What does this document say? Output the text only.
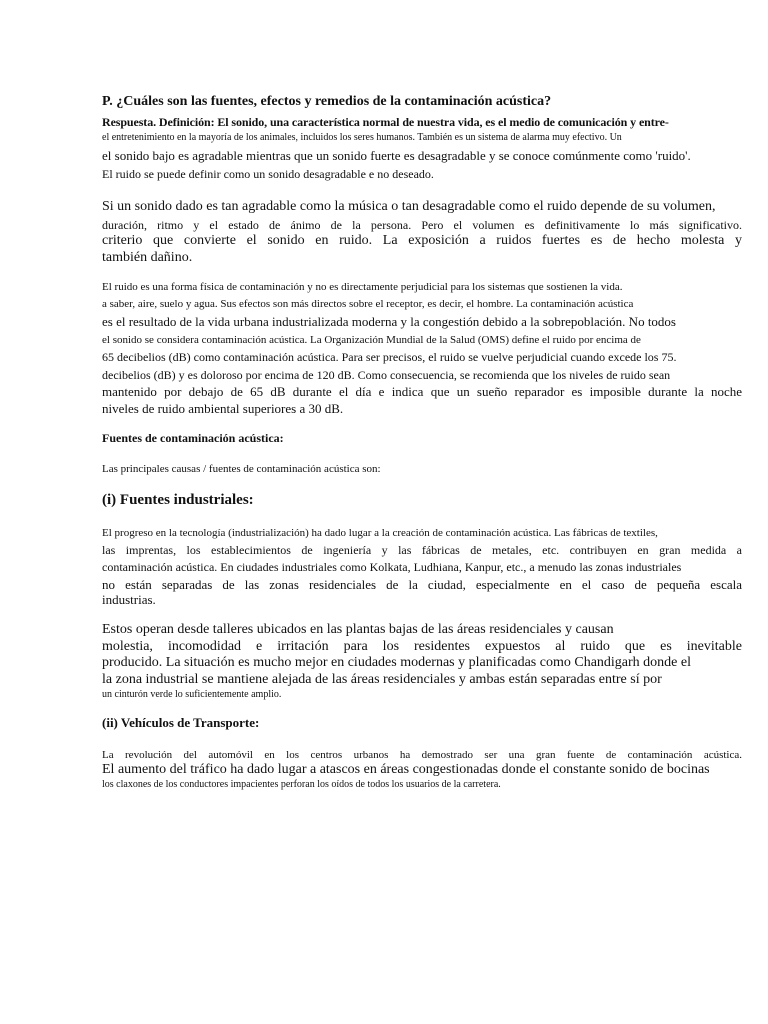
P. ¿Cuáles son las fuentes, efectos y remedios de la contaminación acústica?
Respuesta. Definición: El sonido, una característica normal de nuestra vida, es el medio de comunicación y entre-
el entretenimiento en la mayoría de los animales, incluidos los seres humanos. También es un sistema de alarma muy efectivo. Un
el sonido bajo es agradable mientras que un sonido fuerte es desagradable y se conoce comúnmente como 'ruido'.
El ruido se puede definir como un sonido desagradable e no deseado.
Si un sonido dado es tan agradable como la música o tan desagradable como el ruido depende de su volumen,
duración, ritmo y el estado de ánimo de la persona. Pero el volumen es definitivamente lo más significativo.
criterio que convierte el sonido en ruido. La exposición a ruidos fuertes es de hecho molesta y
también dañino.
El ruido es una forma física de contaminación y no es directamente perjudicial para los sistemas que sostienen la vida.
a saber, aire, suelo y agua. Sus efectos son más directos sobre el receptor, es decir, el hombre. La contaminación acústica
es el resultado de la vida urbana industrializada moderna y la congestión debido a la sobrepoblación. No todos
el sonido se considera contaminación acústica. La Organización Mundial de la Salud (OMS) define el ruido por encima de
65 decibelios (dB) como contaminación acústica. Para ser precisos, el ruido se vuelve perjudicial cuando excede los 75.
decibelios (dB) y es doloroso por encima de 120 dB. Como consecuencia, se recomienda que los niveles de ruido sean
mantenido por debajo de 65 dB durante el día e indica que un sueño reparador es imposible durante la noche
niveles de ruido ambiental superiores a 30 dB.
Fuentes de contaminación acústica:
Las principales causas / fuentes de contaminación acústica son:
(i) Fuentes industriales:
El progreso en la tecnología (industrialización) ha dado lugar a la creación de contaminación acústica. Las fábricas de textiles,
las imprentas, los establecimientos de ingeniería y las fábricas de metales, etc. contribuyen en gran medida a
contaminación acústica. En ciudades industriales como Kolkata, Ludhiana, Kanpur, etc., a menudo las zonas industriales
no están separadas de las zonas residenciales de la ciudad, especialmente en el caso de pequeña escala
industrias.
Estos operan desde talleres ubicados en las plantas bajas de las áreas residenciales y causan
molestia, incomodidad e irritación para los residentes expuestos al ruido que es inevitable
producido. La situación es mucho mejor en ciudades modernas y planificadas como Chandigarh donde el
la zona industrial se mantiene alejada de las áreas residenciales y ambas están separadas entre sí por
un cinturón verde lo suficientemente amplio.
(ii) Vehículos de Transporte:
La revolución del automóvil en los centros urbanos ha demostrado ser una gran fuente de contaminación acústica.
El aumento del tráfico ha dado lugar a atascos en áreas congestionadas donde el constante sonido de bocinas
los claxones de los conductores impacientes perforan los oídos de todos los usuarios de la carretera.
